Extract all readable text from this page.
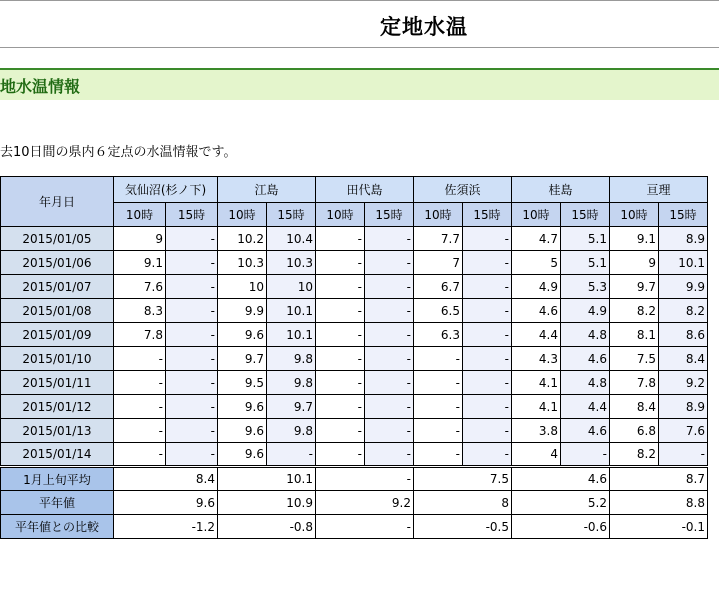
定地水温
地水温情報
去10日間の県内６定点の水温情報です。
年月日	気仙沼(杉ノ下)		江島		田代島		佐須浜		桂島		亘理	
	10時	15時	10時	15時	10時	15時	10時	15時	10時	15時	10時	15時
2015/01/05	9	-	10.2	10.4	-	-	7.7	-	4.7	5.1	9.1	8.9
2015/01/06	9.1	-	10.3	10.3	-	-	7	-	5	5.1	9	10.1
2015/01/07	7.6	-	10	10	-	-	6.7	-	4.9	5.3	9.7	9.9
2015/01/08	8.3	-	9.9	10.1	-	-	6.5	-	4.6	4.9	8.2	8.2
2015/01/09	7.8	-	9.6	10.1	-	-	6.3	-	4.4	4.8	8.1	8.6
2015/01/10	-	-	9.7	9.8	-	-	-	-	4.3	4.6	7.5	8.4
2015/01/11	-	-	9.5	9.8	-	-	-	-	4.1	4.8	7.8	9.2
2015/01/12	-	-	9.6	9.7	-	-	-	-	4.1	4.4	8.4	8.9
2015/01/13	-	-	9.6	9.8	-	-	-	-	3.8	4.6	6.8	7.6
2015/01/14	-	-	9.6	-	-	-	-	-	4	-	8.2	-
1月上旬平均	8.4		10.1		-		7.5		4.6		8.7	
平年値	9.6		10.9		9.2		8		5.2		8.8	
平年値との比較	-1.2		-0.8		-		-0.5		-0.6		-0.1	
